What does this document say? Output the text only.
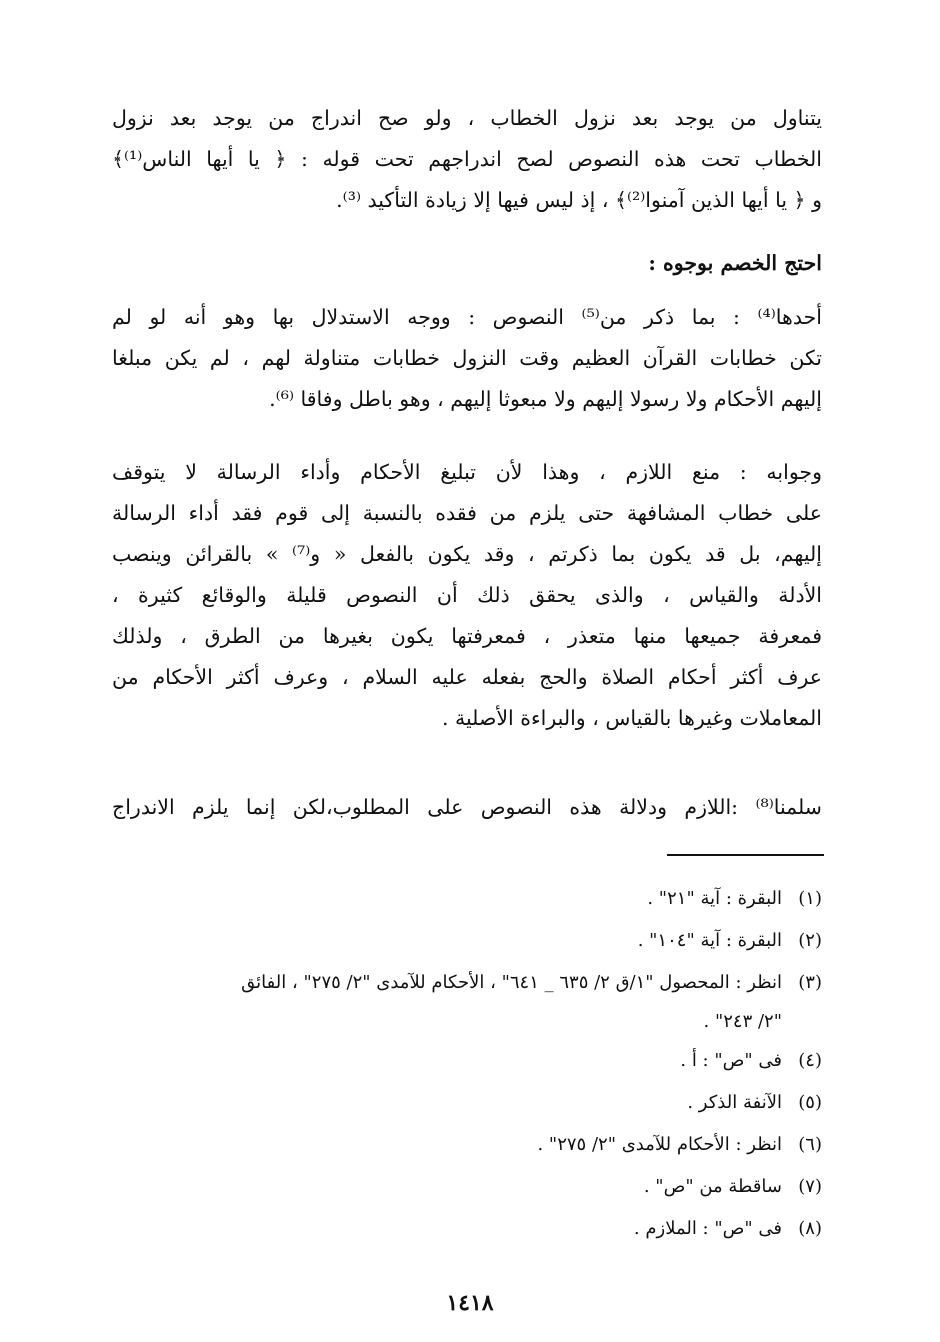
يتناول من يوجد بعد نزول الخطاب ، ولو صح اندراج من يوجد بعد نزول
الخطاب تحت هذه النصوص لصح اندراجهم تحت قوله : ﴿ يا أيها الناس⁽¹⁾﴾
و ﴿ يا أيها الذين آمنوا⁽²⁾﴾ ، إذ ليس فيها إلا زيادة التأكيد ⁽³⁾.
احتج الخصم بوجوه :
أحدها⁽⁴⁾ : بما ذكر من⁽⁵⁾ النصوص : ووجه الاستدلال بها وهو أنه لو لم
تكن خطابات القرآن العظيم وقت النزول خطابات متناولة لهم ، لم يكن مبلغا
إليهم الأحكام ولا رسولا إليهم ولا مبعوثا إليهم ، وهو باطل وفاقا ⁽⁶⁾.
وجوابه : منع اللازم ، وهذا لأن تبليغ الأحكام وأداء الرسالة لا يتوقف
على خطاب المشافهة حتى يلزم من فقده بالنسبة إلى قوم فقد أداء الرسالة
إليهم، بل قد يكون بما ذكرتم ، وقد يكون بالفعل « و⁽⁷⁾ » بالقرائن وينصب
الأدلة والقياس ، والذى يحقق ذلك أن النصوص قليلة والوقائع كثيرة ،
فمعرفة جميعها منها متعذر ، فمعرفتها يكون بغيرها من الطرق ، ولذلك
عرف أكثر أحكام الصلاة والحج بفعله عليه السلام ، وعرف أكثر الأحكام من
المعاملات وغيرها بالقياس ، والبراءة الأصلية .
سلمنا⁽⁸⁾ :اللازم ودلالة هذه النصوص على المطلوب،لكن إنما يلزم الاندراج
(١)
البقرة : آية "٢١" .
(٢)
البقرة : آية "١٠٤" .
(٣)
انظر : المحصول "١/ق ٢/ ٦٣٥ _ ٦٤١" ، الأحكام للآمدى "٢/ ٢٧٥" ، الفائق
"٢/ ٢٤٣" .
(٤)
فى "ص" : أ .
(٥)
الآنفة الذكر .
(٦)
انظر : الأحكام للآمدى "٢/ ٢٧٥" .
(٧)
ساقطة من "ص" .
(٨)
فى "ص" : الملازم .
١٤١٨
